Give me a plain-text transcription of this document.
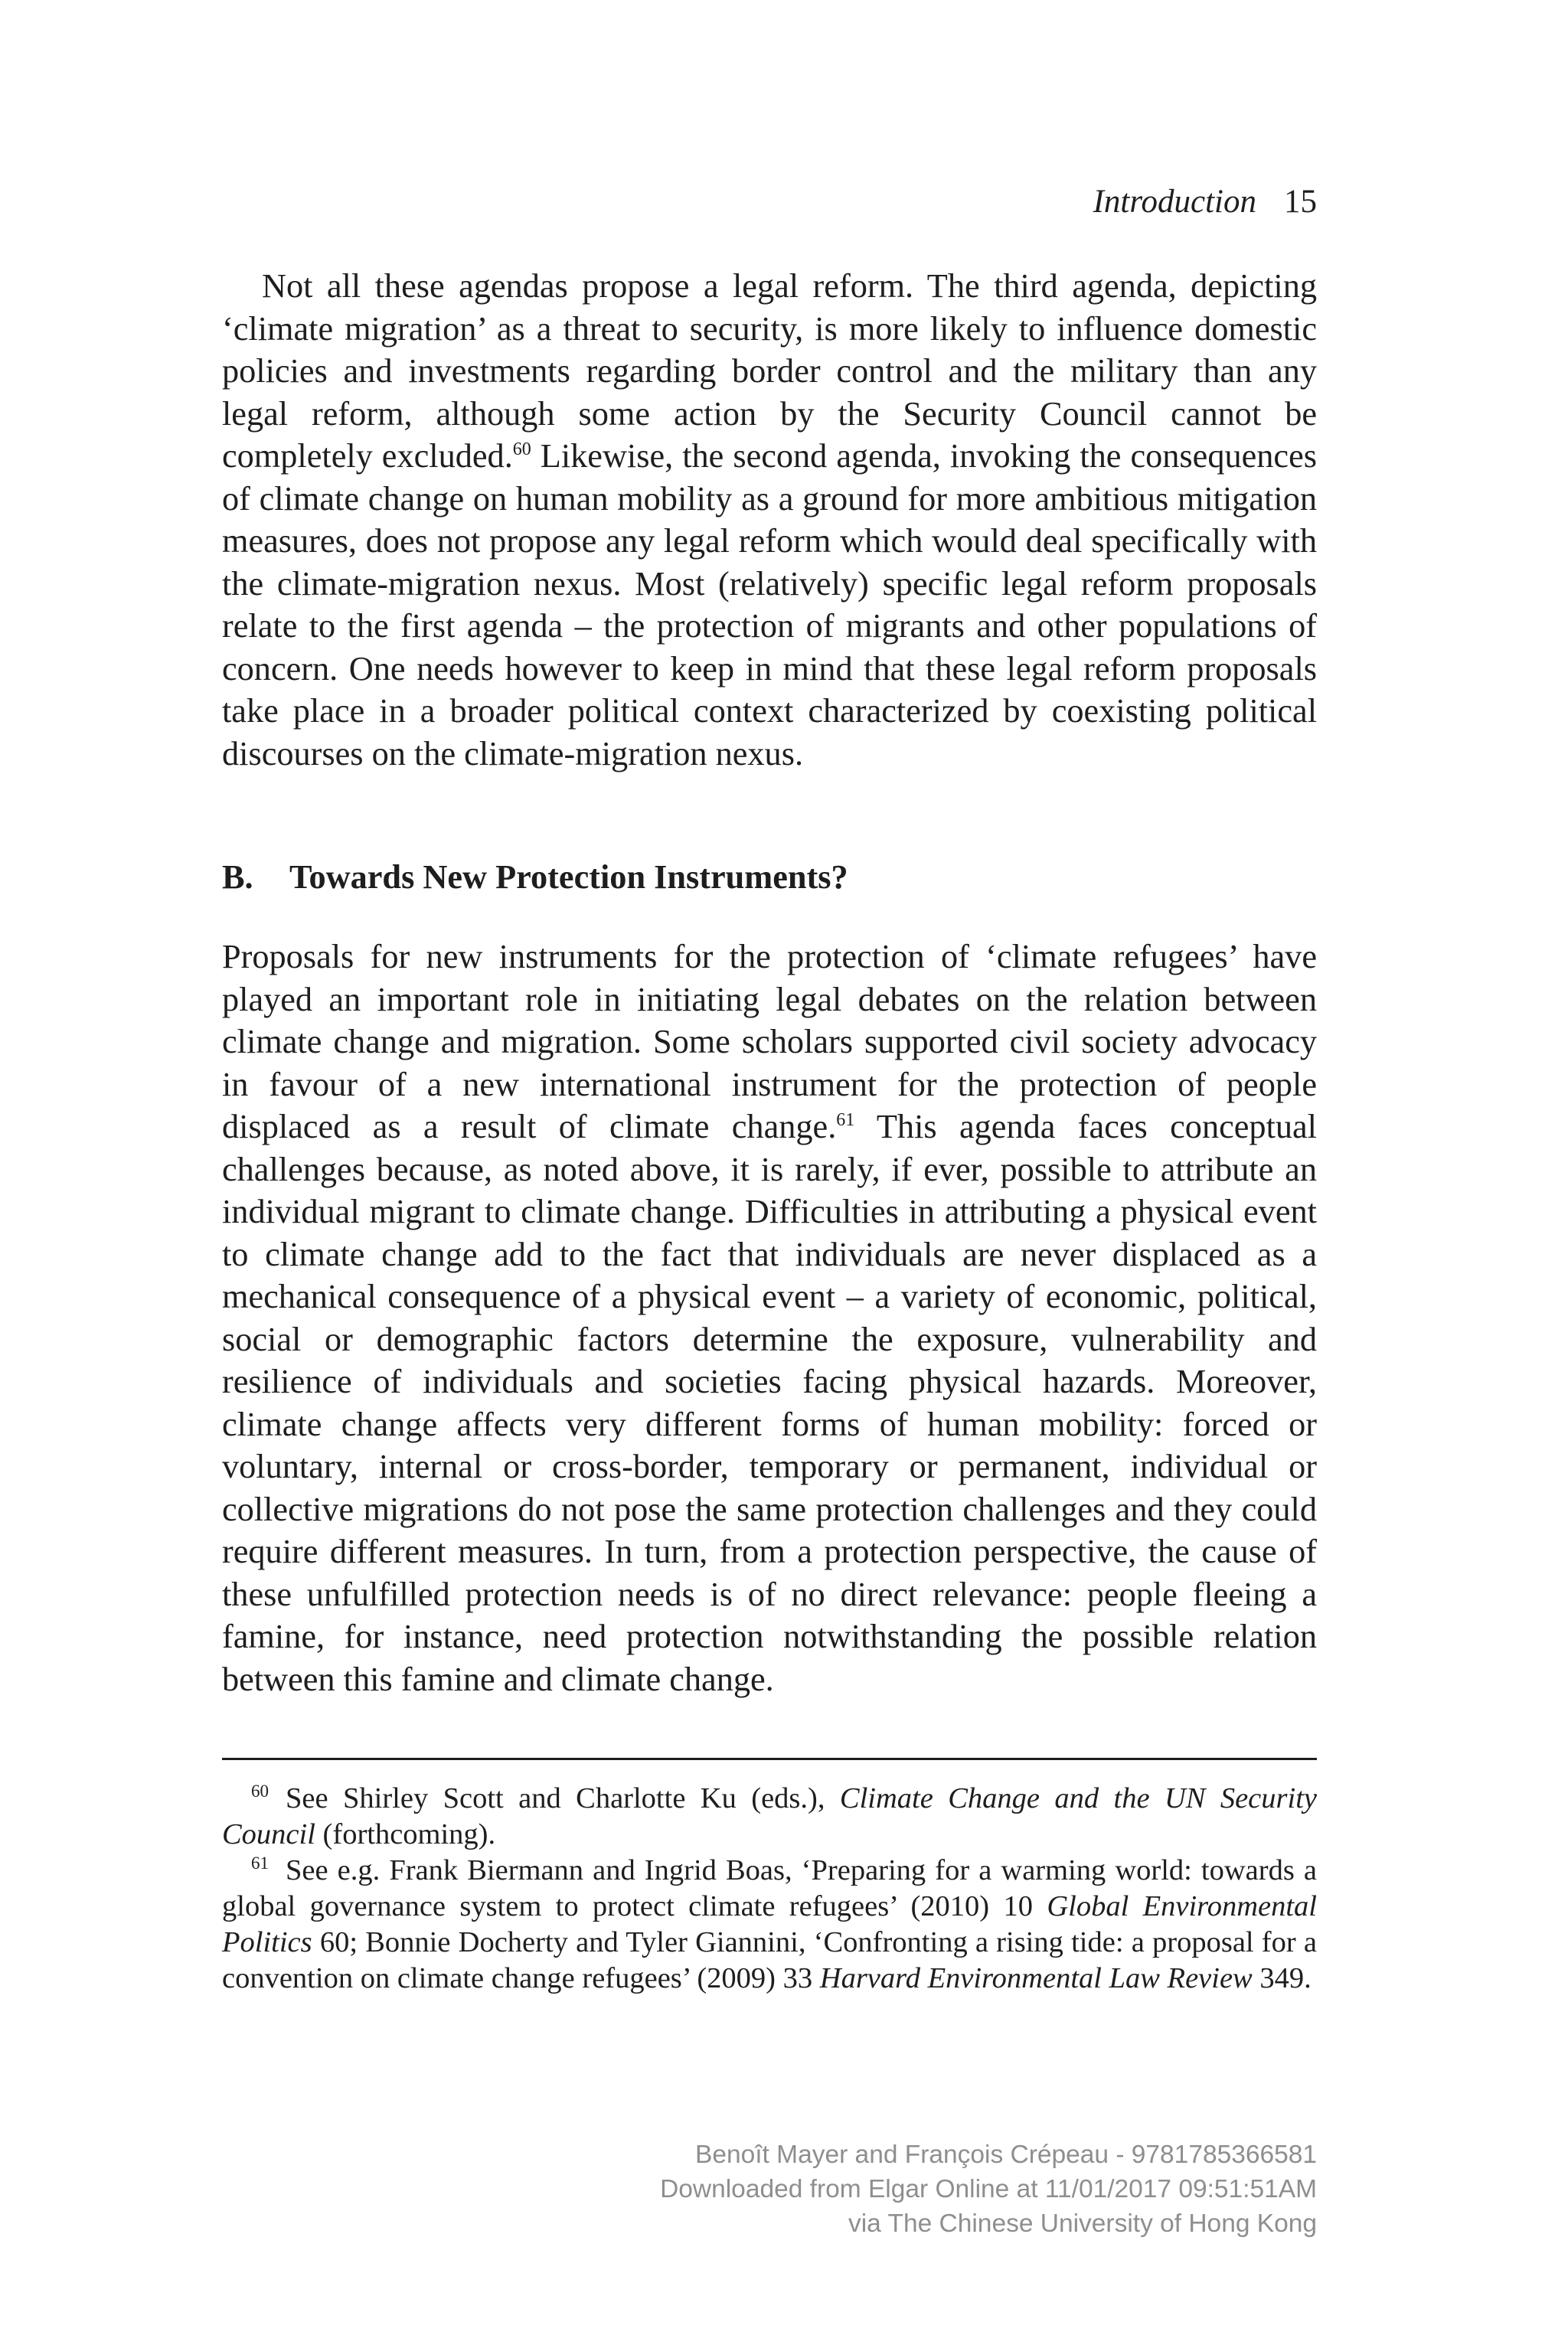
Introduction 15

Not all these agendas propose a legal reform. The third agenda, depicting ‘climate migration’ as a threat to security, is more likely to influence domestic policies and investments regarding border control and the military than any legal reform, although some action by the Security Council cannot be completely excluded.$^{60}$ Likewise, the second agenda, invoking the consequences of climate change on human mobility as a ground for more ambitious mitigation measures, does not propose any legal reform which would deal specifically with the climate-migration nexus. Most (relatively) specific legal reform proposals relate to the first agenda – the protection of migrants and other populations of concern. One needs however to keep in mind that these legal reform proposals take place in a broader political context characterized by coexisting political discourses on the climate-migration nexus.

B. Towards New Protection Instruments?

Proposals for new instruments for the protection of ‘climate refugees’ have played an important role in initiating legal debates on the relation between climate change and migration. Some scholars supported civil society advocacy in favour of a new international instrument for the protection of people displaced as a result of climate change.$^{61}$ This agenda faces conceptual challenges because, as noted above, it is rarely, if ever, possible to attribute an individual migrant to climate change. Difficulties in attributing a physical event to climate change add to the fact that individuals are never displaced as a mechanical consequence of a physical event – a variety of economic, political, social or demographic factors determine the exposure, vulnerability and resilience of individuals and societies facing physical hazards. Moreover, climate change affects very different forms of human mobility: forced or voluntary, internal or cross-border, temporary or permanent, individual or collective migrations do not pose the same protection challenges and they could require different measures. In turn, from a protection perspective, the cause of these unfulfilled protection needs is of no direct relevance: people fleeing a famine, for instance, need protection notwithstanding the possible relation between this famine and climate change.

$^{60}$ See Shirley Scott and Charlotte Ku (eds.), Climate Change and the UN Security Council (forthcoming).

$^{61}$ See e.g. Frank Biermann and Ingrid Boas, ‘Preparing for a warming world: towards a global governance system to protect climate refugees’ (2010) 10 Global Environmental Politics 60; Bonnie Docherty and Tyler Giannini, ‘Confronting a rising tide: a proposal for a convention on climate change refugees’ (2009) 33 Harvard Environmental Law Review 349.

Benoît Mayer and François Crépeau - 9781785366581
Downloaded from Elgar Online at 11/01/2017 09:51:51AM
via The Chinese University of Hong Kong
